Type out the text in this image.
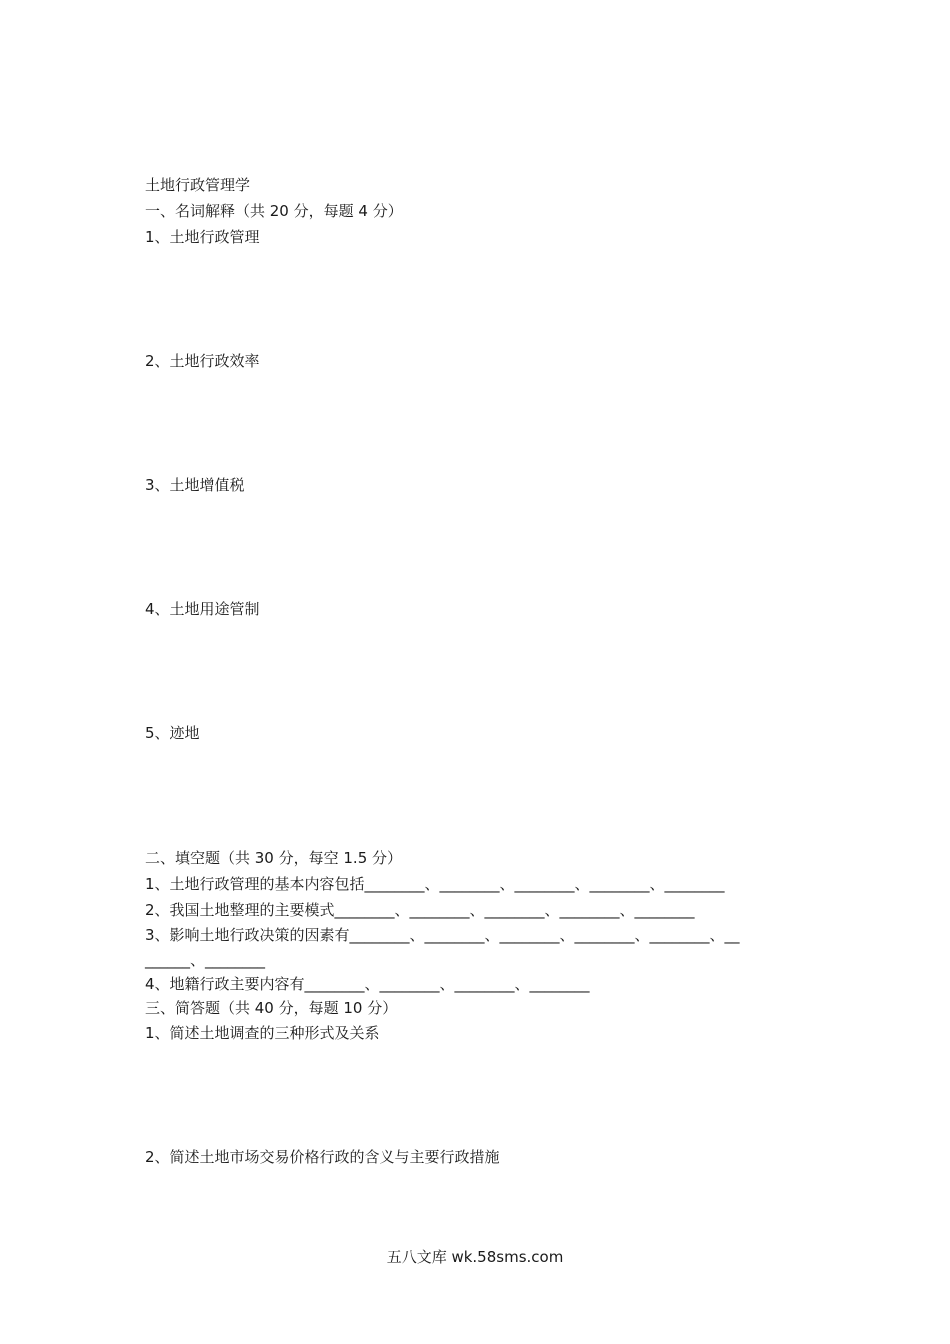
土地行政管理学
一、名词解释（共 20 分，每题 4 分）
1、土地行政管理
2、土地行政效率
3、土地增值税
4、土地用途管制
5、迹地
二、填空题（共 30 分，每空 1.5 分）
1、土地行政管理的基本内容包括________、________、________、________、________
2、我国土地整理的主要模式________、________、________、________、________
3、影响土地行政决策的因素有________、________、________、________、________、__
______、________
4、地籍行政主要内容有________、________、________、________
三、简答题（共 40 分，每题 10 分）
1、简述土地调查的三种形式及关系
2、简述土地市场交易价格行政的含义与主要行政措施
五八文库 wk.58sms.com
